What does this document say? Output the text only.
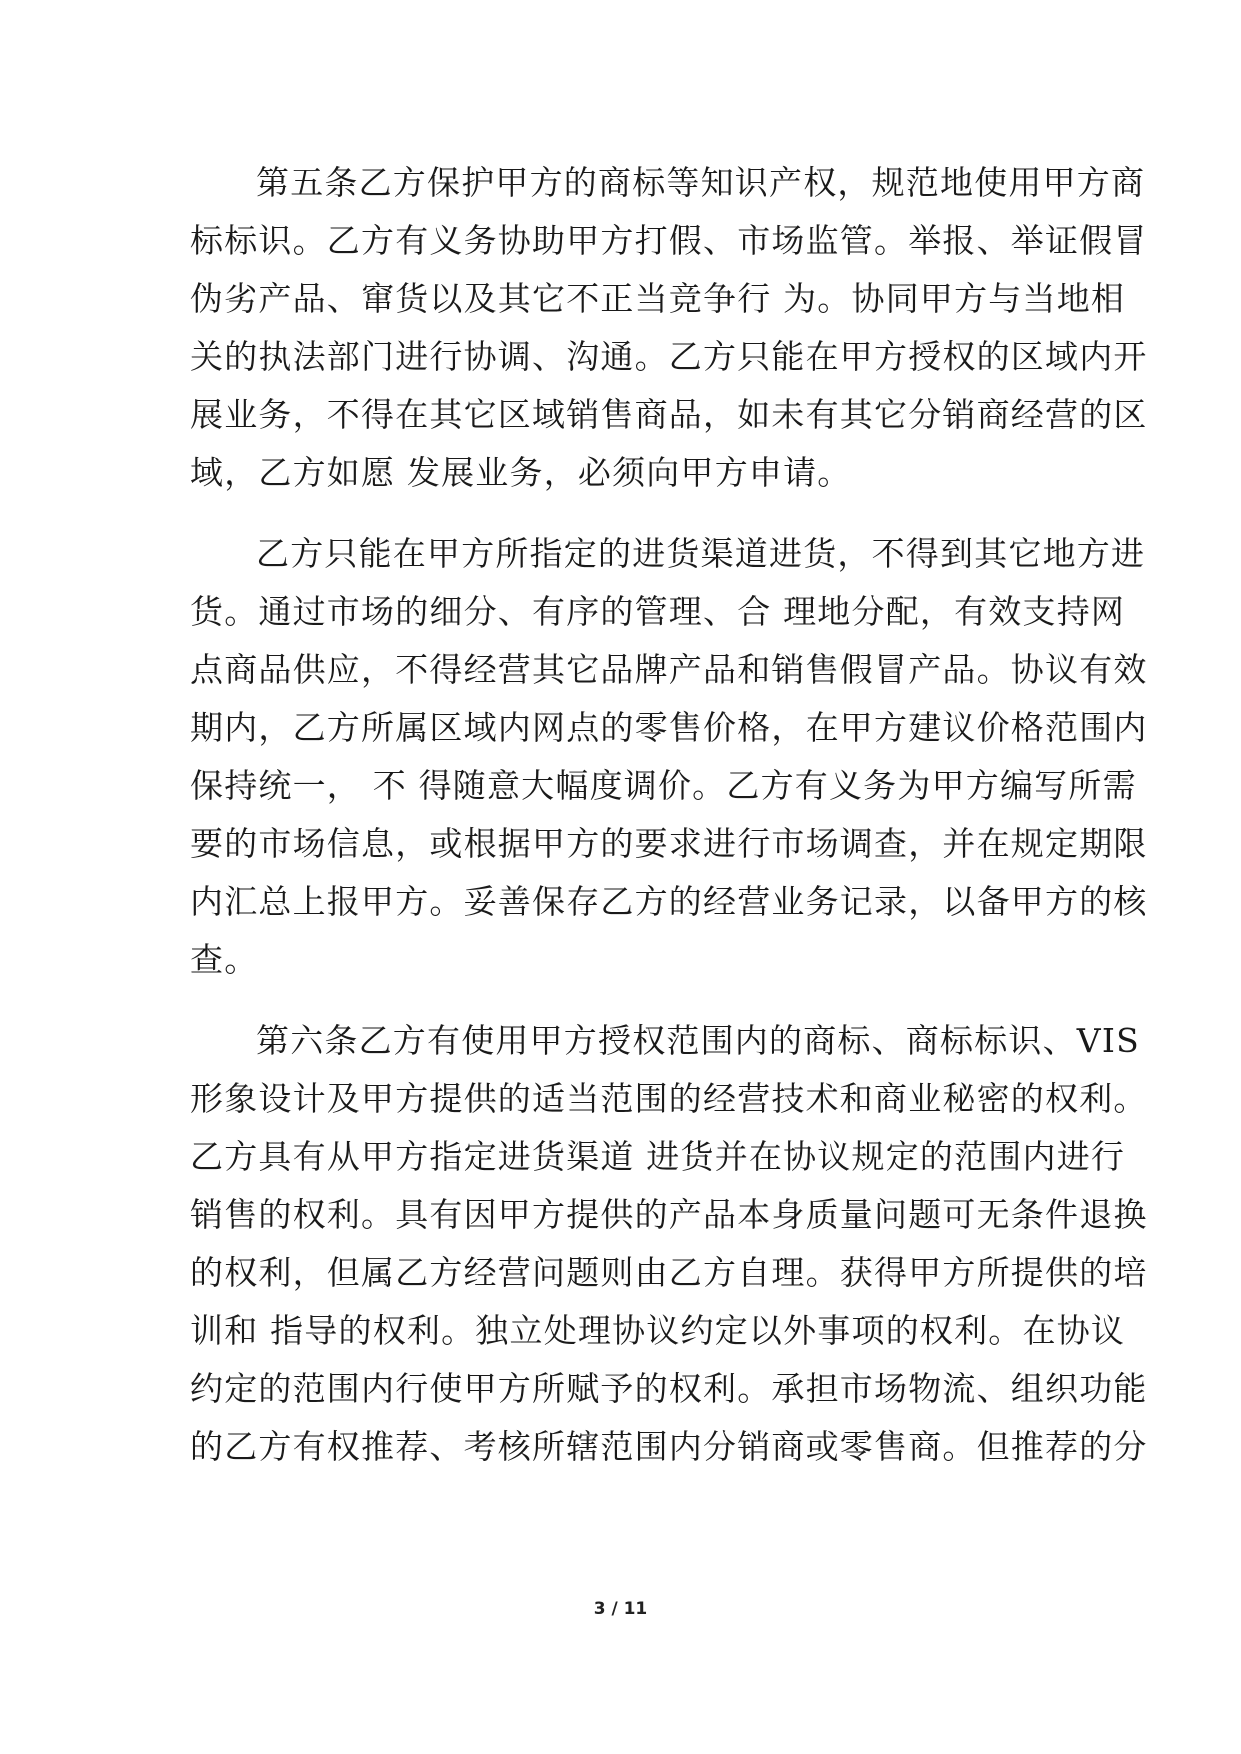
第五条乙方保护甲方的商标等知识产权，规范地使用甲方商
标标识。乙方有义务协助甲方打假、市场监管。举报、举证假冒
伪劣产品、窜货以及其它不正当竞争行 为。协同甲方与当地相
关的执法部门进行协调、沟通。乙方只能在甲方授权的区域内开
展业务，不得在其它区域销售商品，如未有其它分销商经营的区
域，乙方如愿 发展业务，必须向甲方申请。
乙方只能在甲方所指定的进货渠道进货，不得到其它地方进
货。通过市场的细分、有序的管理、合 理地分配，有效支持网
点商品供应，不得经营其它品牌产品和销售假冒产品。协议有效
期内，乙方所属区域内网点的零售价格，在甲方建议价格范围内
保持统一， 不 得随意大幅度调价。乙方有义务为甲方编写所需
要的市场信息，或根据甲方的要求进行市场调查，并在规定期限
内汇总上报甲方。妥善保存乙方的经营业务记录，以备甲方的核
查。
第六条乙方有使用甲方授权范围内的商标、商标标识、VIS
形象设计及甲方提供的适当范围的经营技术和商业秘密的权利。
乙方具有从甲方指定进货渠道 进货并在协议规定的范围内进行
销售的权利。具有因甲方提供的产品本身质量问题可无条件退换
的权利，但属乙方经营问题则由乙方自理。获得甲方所提供的培
训和 指导的权利。独立处理协议约定以外事项的权利。在协议
约定的范围内行使甲方所赋予的权利。承担市场物流、组织功能
的乙方有权推荐、考核所辖范围内分销商或零售商。但推荐的分
3 / 11
